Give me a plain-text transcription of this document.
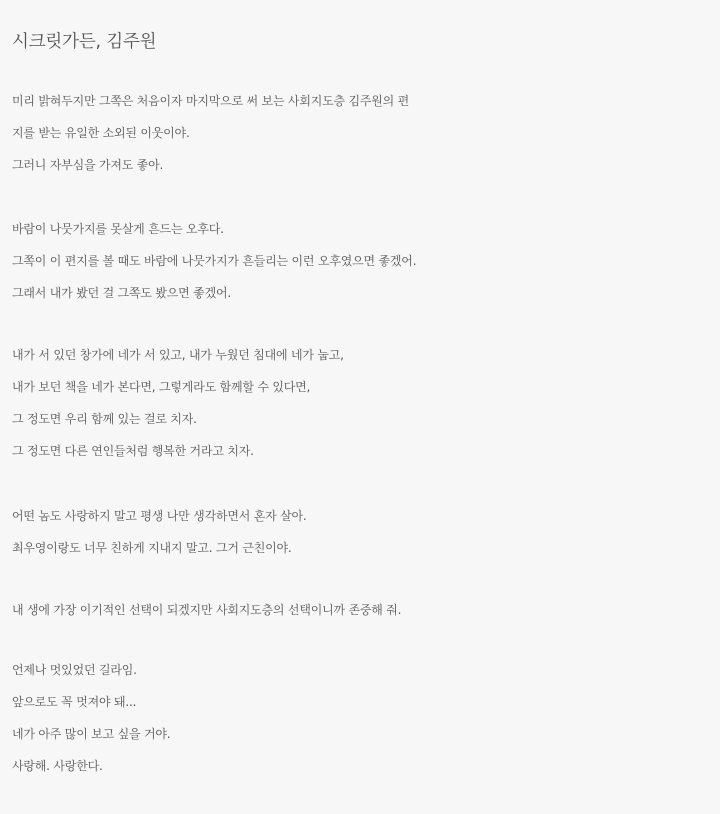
시크릿가든, 김주원
미리 밝혀두지만 그쪽은 처음이자 마지막으로 써 보는 사회지도층 김주원의 편
지를 받는 유일한 소외된 이웃이야.
그러니 자부심을 가져도 좋아.
바람이 나뭇가지를 못살게 흔드는 오후다.
그쪽이 이 편지를 볼 때도 바람에 나뭇가지가 흔들리는 이런 오후였으면 좋겠어.
그래서 내가 봤던 걸 그쪽도 봤으면 좋겠어.
내가 서 있던 창가에 네가 서 있고, 내가 누웠던 침대에 네가 눕고,
내가 보던 책을 네가 본다면, 그렇게라도 함께할 수 있다면,
그 정도면 우리 함께 있는 걸로 치자.
그 정도면 다른 연인들처럼 행복한 거라고 치자.
어떤 놈도 사랑하지 말고 평생 나만 생각하면서 혼자 살아.
최우영이랑도 너무 친하게 지내지 말고. 그거 근친이야.
내 생에 가장 이기적인 선택이 되겠지만 사회지도층의 선택이니까 존중해 줘.
언제나 멋있었던 길라임.
앞으로도 꼭 멋져야 돼...
네가 아주 많이 보고 싶을 거야.
사랑해. 사랑한다.
